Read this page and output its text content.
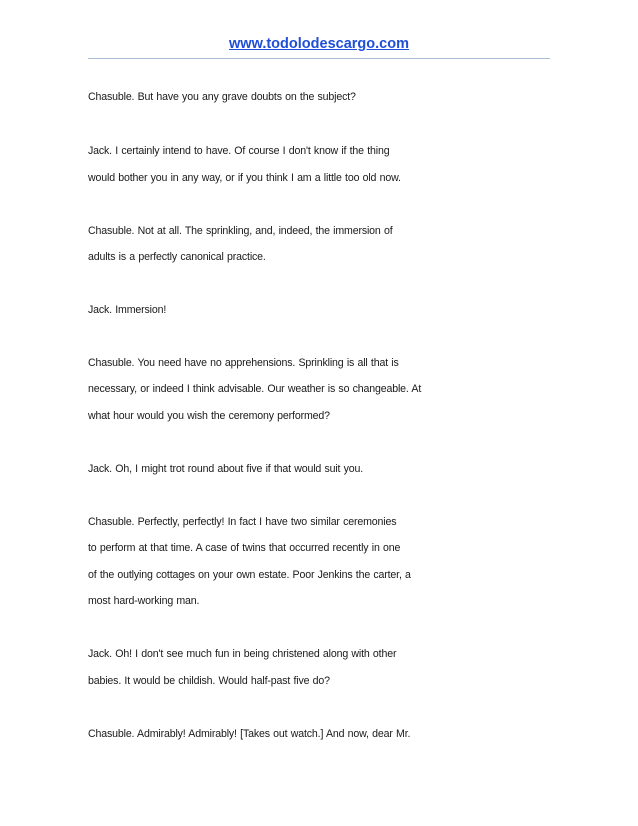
www.todolodescargo.com
Chasuble. But have you any grave doubts on the subject?
Jack. I certainly intend to have. Of course I don't know if the thing
would bother you in any way, or if you think I am a little too old now.
Chasuble. Not at all. The sprinkling, and, indeed, the immersion of
adults is a perfectly canonical practice.
Jack. Immersion!
Chasuble. You need have no apprehensions. Sprinkling is all that is
necessary, or indeed I think advisable. Our weather is so changeable. At
what hour would you wish the ceremony performed?
Jack. Oh, I might trot round about five if that would suit you.
Chasuble. Perfectly, perfectly! In fact I have two similar ceremonies
to perform at that time. A case of twins that occurred recently in one
of the outlying cottages on your own estate. Poor Jenkins the carter, a
most hard-working man.
Jack. Oh! I don't see much fun in being christened along with other
babies. It would be childish. Would half-past five do?
Chasuble. Admirably! Admirably! [Takes out watch.] And now, dear Mr.
